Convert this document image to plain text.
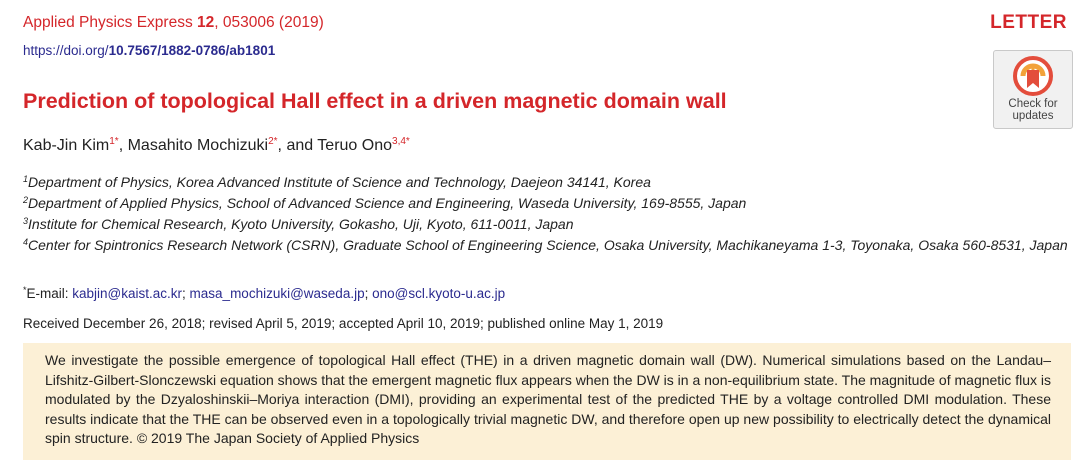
Applied Physics Express 12, 053006 (2019)	LETTER
https://doi.org/10.7567/1882-0786/ab1801
Prediction of topological Hall effect in a driven magnetic domain wall	Check for
updates
Kab-Jin Kim$^{1*}$, Masahito Mochizuki$^{2*}$, and Teruo Ono$^{3,4*}$
$^1$Department of Physics, Korea Advanced Institute of Science and Technology, Daejeon 34141, Korea
$^2$Department of Applied Physics, School of Advanced Science and Engineering, Waseda University, 169-8555, Japan
$^3$Institute for Chemical Research, Kyoto University, Gokasho, Uji, Kyoto, 611-0011, Japan
$^4$Center for Spintronics Research Network (CSRN), Graduate School of Engineering Science, Osaka University, Machikaneyama 1-3, Toyonaka, Osaka 560-8531, Japan
*E-mail: kabjin@kaist.ac.kr; masa_mochizuki@waseda.jp; ono@scl.kyoto-u.ac.jp
Received December 26, 2018; revised April 5, 2019; accepted April 10, 2019; published online May 1, 2019
We investigate the possible emergence of topological Hall effect (THE) in a driven magnetic domain wall (DW). Numerical simulations based on the Landau–Lifshitz-Gilbert-Slonczewski equation shows that the emergent magnetic flux appears when the DW is in a non-equilibrium state. The magnitude of magnetic flux is modulated by the Dzyaloshinskii–Moriya interaction (DMI), providing an experimental test of the predicted THE by a voltage controlled DMI modulation. These results indicate that the THE can be observed even in a topologically trivial magnetic DW, and therefore open up new possibility to electrically detect the dynamical spin structure. © 2019 The Japan Society of Applied Physics
